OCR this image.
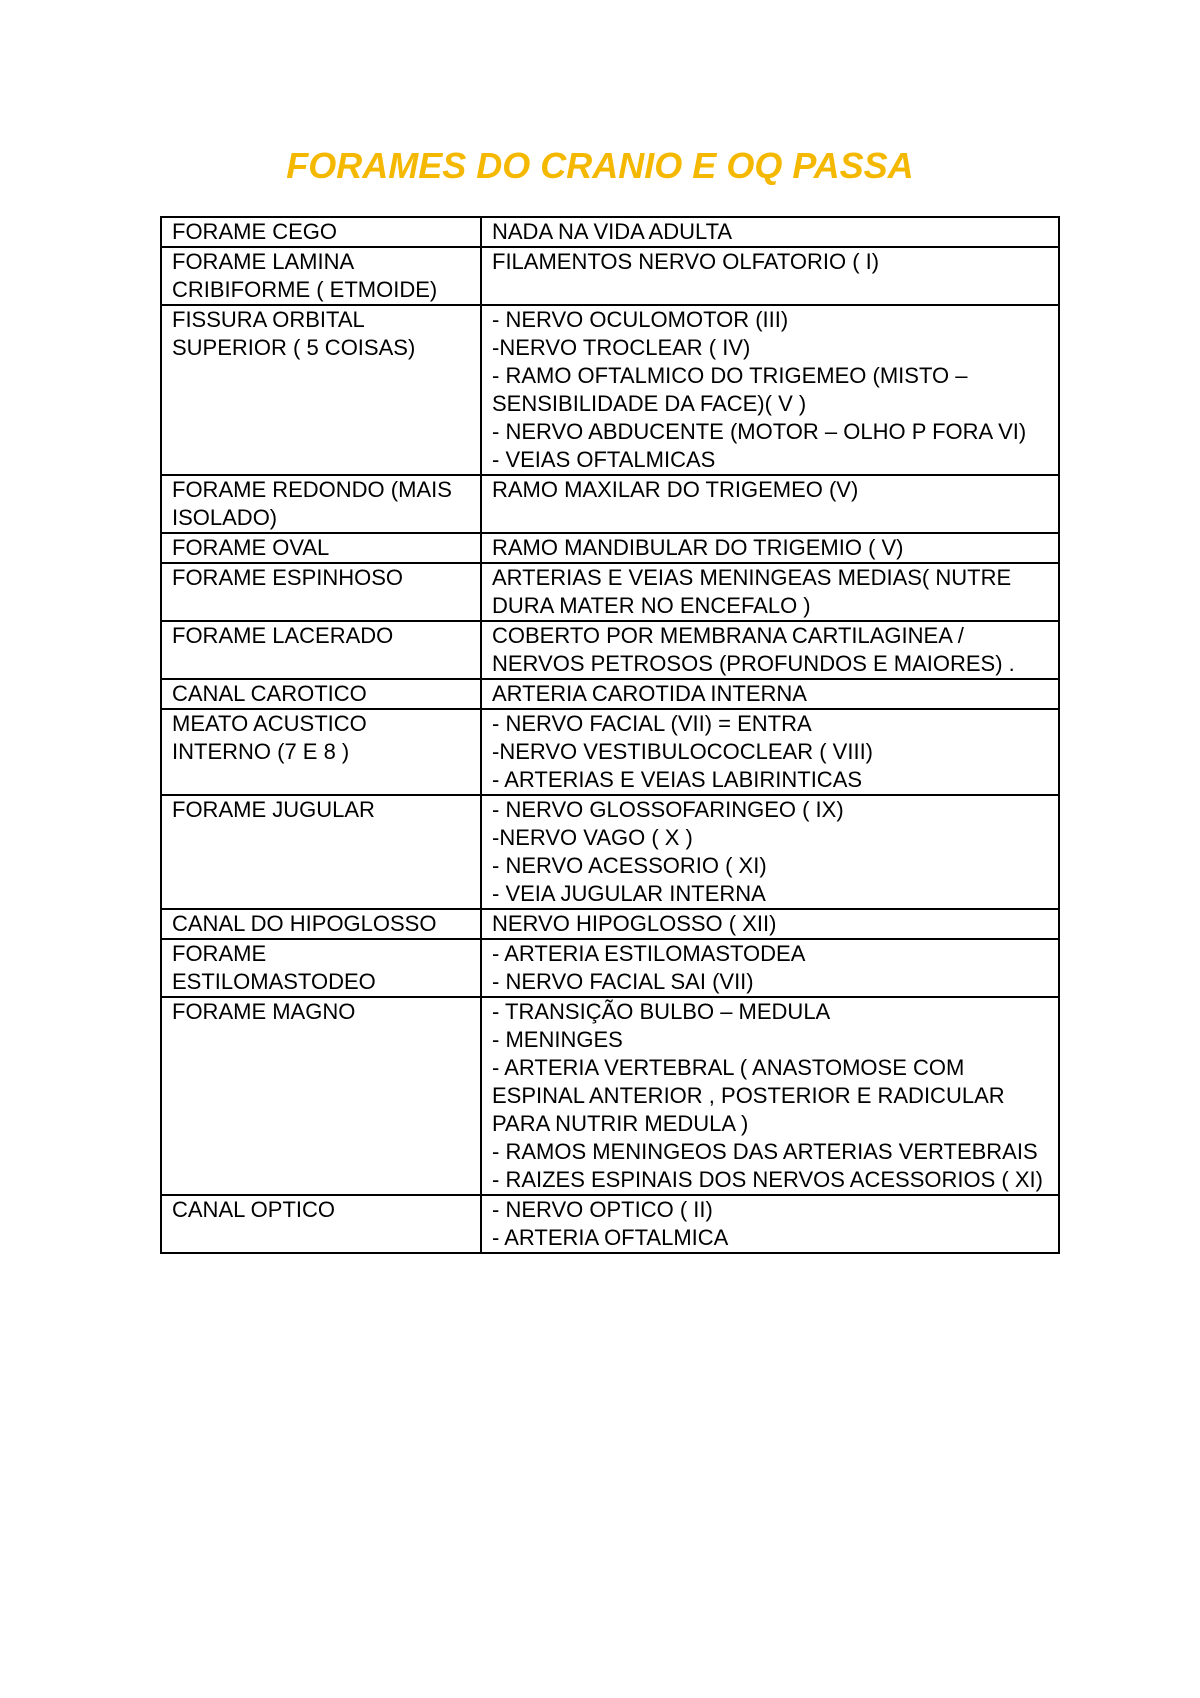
FORAMES DO CRANIO E OQ PASSA
FORAME CEGO	NADA NA VIDA ADULTA

FORAME LAMINA CRIBIFORME ( ETMOIDE)	FILAMENTOS NERVO OLFATORIO ( I)

FISSURA ORBITAL SUPERIOR ( 5 COISAS)	- NERVO OCULOMOTOR (III)
-NERVO TROCLEAR ( IV)
- RAMO OFTALMICO DO TRIGEMEO (MISTO – SENSIBILIDADE DA FACE)( V )
- NERVO ABDUCENTE (MOTOR – OLHO P FORA VI)
- VEIAS OFTALMICAS

FORAME REDONDO (MAIS ISOLADO)	RAMO MAXILAR DO TRIGEMEO (V)

FORAME OVAL	RAMO MANDIBULAR DO TRIGEMIO ( V)

FORAME ESPINHOSO	ARTERIAS E VEIAS MENINGEAS MEDIAS( NUTRE DURA MATER NO ENCEFALO )

FORAME LACERADO	COBERTO POR MEMBRANA CARTILAGINEA / NERVOS PETROSOS (PROFUNDOS E MAIORES) .

CANAL CAROTICO	ARTERIA CAROTIDA INTERNA

MEATO ACUSTICO INTERNO (7 E 8 )	- NERVO FACIAL (VII) = ENTRA
-NERVO VESTIBULOCOCLEAR ( VIII)
- ARTERIAS E VEIAS LABIRINTICAS

FORAME JUGULAR	- NERVO GLOSSOFARINGEO ( IX)
-NERVO VAGO ( X )
- NERVO ACESSORIO ( XI)
- VEIA JUGULAR INTERNA

CANAL DO HIPOGLOSSO	NERVO HIPOGLOSSO ( XII)

FORAME ESTILOMASTODEO	- ARTERIA ESTILOMASTODEA
- NERVO FACIAL SAI (VII)

FORAME MAGNO	- TRANSIÇÃO BULBO – MEDULA
- MENINGES
- ARTERIA VERTEBRAL ( ANASTOMOSE COM ESPINAL ANTERIOR , POSTERIOR E RADICULAR PARA NUTRIR MEDULA )
- RAMOS MENINGEOS DAS ARTERIAS VERTEBRAIS
- RAIZES ESPINAIS DOS NERVOS ACESSORIOS ( XI)

CANAL OPTICO	- NERVO OPTICO ( II)
- ARTERIA OFTALMICA
